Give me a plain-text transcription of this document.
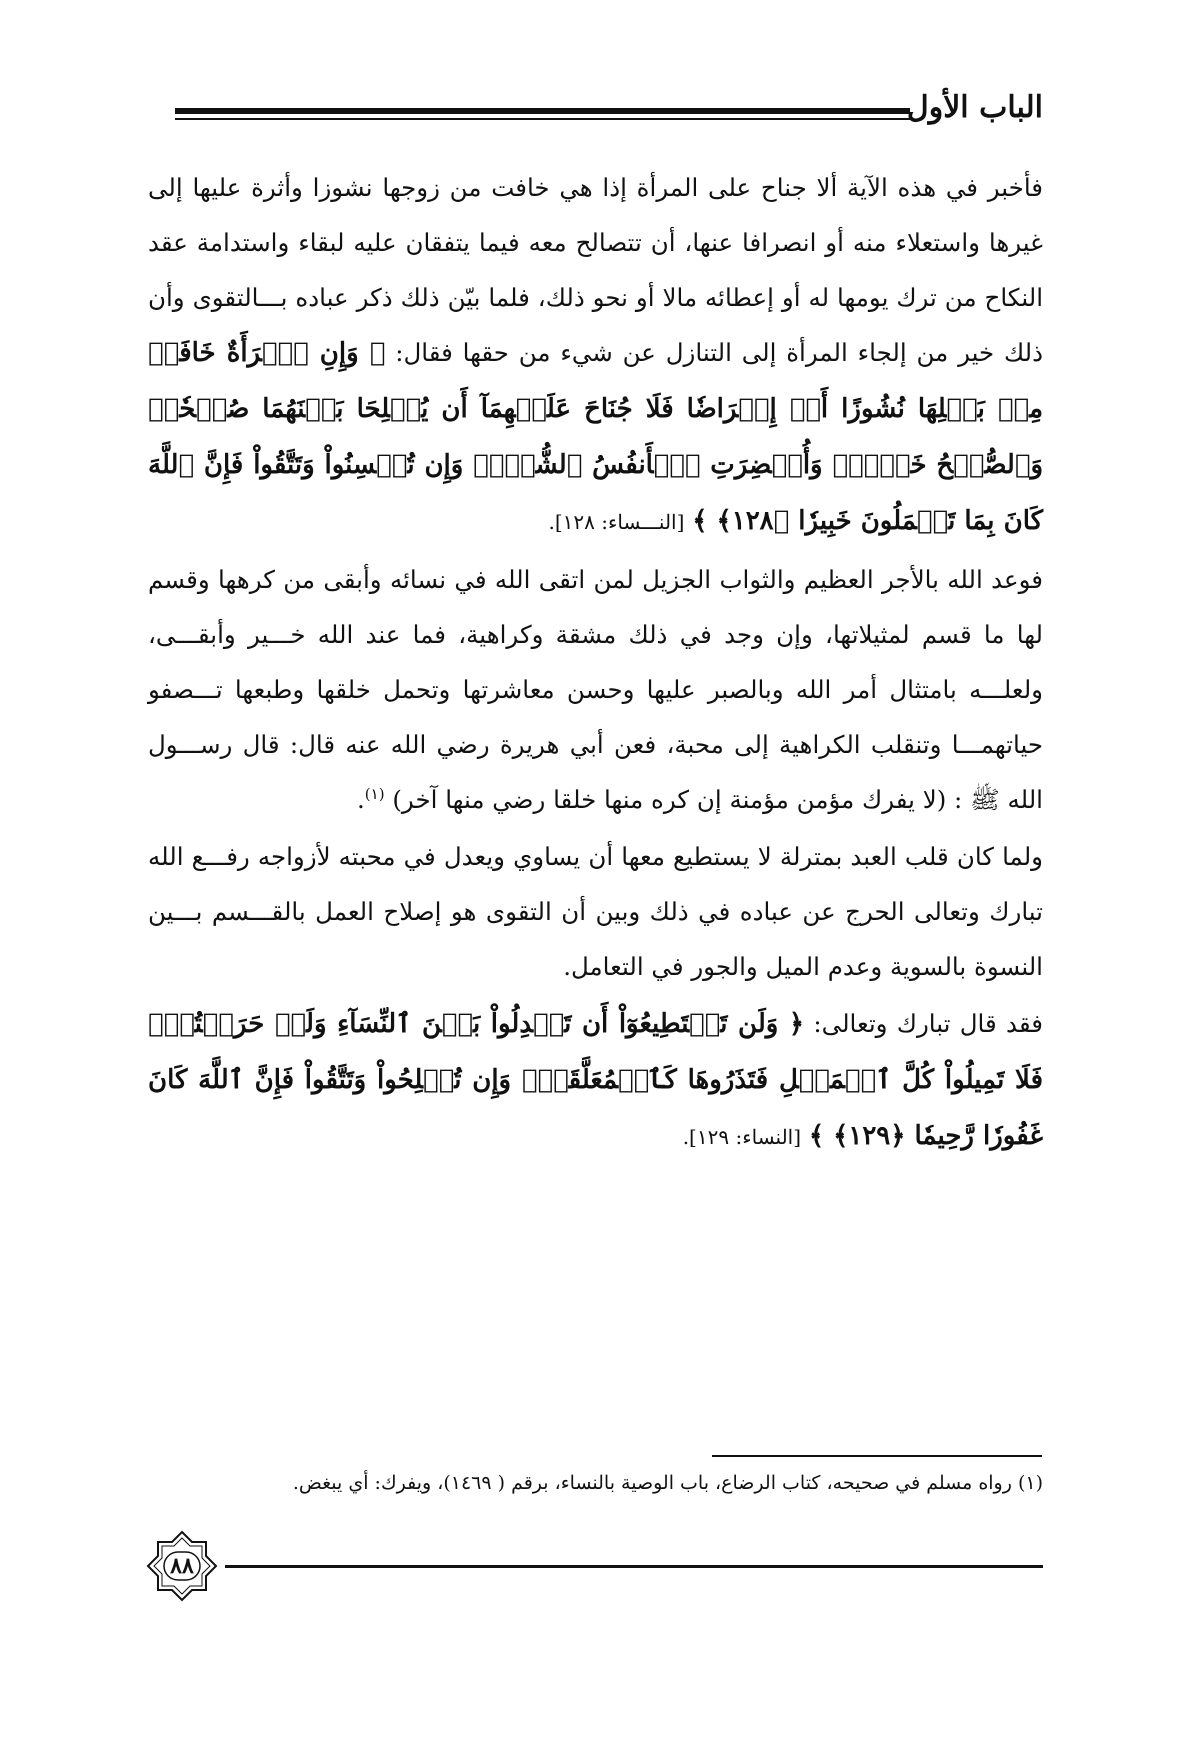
الباب الأول

فأخبر في هذه الآية ألا جناح على المرأة إذا هي خافت من زوجها نشوزا وأثرة عليها إلى غيرها واستعلاء منه أو انصرافا عنها، أن تتصالح معه فيما يتفقان عليه لبقاء واستدامة عقد النكاح من ترك يومها له أو إعطائه مالا أو نحو ذلك، فلما بيّن ذلك ذكر عباده بـــالتقوى وأن ذلك خير من إلجاء المرأة إلى التنازل عن شيء من حقها فقال: ﴿ وَإِنِ ٱمۡرَأَةٌ خَافَتۡ مِنۢ بَعۡلِهَا نُشُوزًا أَوۡ إِعۡرَاضٗا فَلَا جُنَاحَ عَلَيۡهِمَآ أَن يُصۡلِحَا بَيۡنَهُمَا صُلۡحٗاۚ وَٱلصُّلۡحُ خَيۡرٞۗ وَأُحۡضِرَتِ ٱلۡأَنفُسُ ٱلشُّحَّۚ وَإِن تُحۡسِنُواْ وَتَتَّقُواْ فَإِنَّ ٱللَّهَ كَانَ بِمَا تَعۡمَلُونَ خَبِيرٗا ﴿١٢٨﴾ ﴾ [النـــساء: ١٢٨].

فوعد الله بالأجر العظيم والثواب الجزيل لمن اتقى الله في نسائه وأبقى من كرهها وقسم لها ما قسم لمثيلاتها، وإن وجد في ذلك مشقة وكراهية، فما عند الله خـــير وأبقـــى، ولعلـــه بامتثال أمر الله وبالصبر عليها وحسن معاشرتها وتحمل خلقها وطبعها تـــصفو حياتهمـــا وتنقلب الكراهية إلى محبة، فعن أبي هريرة رضي الله عنه قال: قال رســـول الله ﷺ : (لا يفرك مؤمن مؤمنة إن كره منها خلقا رضي منها آخر) $^{(١)}$.

ولما كان قلب العبد بمترلة لا يستطيع معها أن يساوي ويعدل في محبته لأزواجه رفـــع الله تبارك وتعالى الحرج عن عباده في ذلك وبين أن التقوى هو إصلاح العمل بالقـــسم بـــين النسوة بالسوية وعدم الميل والجور في التعامل.

فقد قال تبارك وتعالى: ﴿ وَلَن تَسۡتَطِيعُوٓاْ أَن تَعۡدِلُواْ بَيۡنَ ٱلنِّسَآءِ وَلَوۡ حَرَصۡتُمۡۖ فَلَا تَمِيلُواْ كُلَّ ٱلۡمَيۡلِ فَتَذَرُوهَا كَٱلۡمُعَلَّقَةِۚ وَإِن تُصۡلِحُواْ وَتَتَّقُواْ فَإِنَّ ٱللَّهَ كَانَ غَفُورٗا رَّحِيمٗا ﴿١٢٩﴾ ﴾ [النساء: ١٢٩].

(١) رواه مسلم في صحيحه، كتاب الرضاع، باب الوصية بالنساء، برقم ( ١٤٦٩)، ويفرك: أي يبغض.
٨٨
